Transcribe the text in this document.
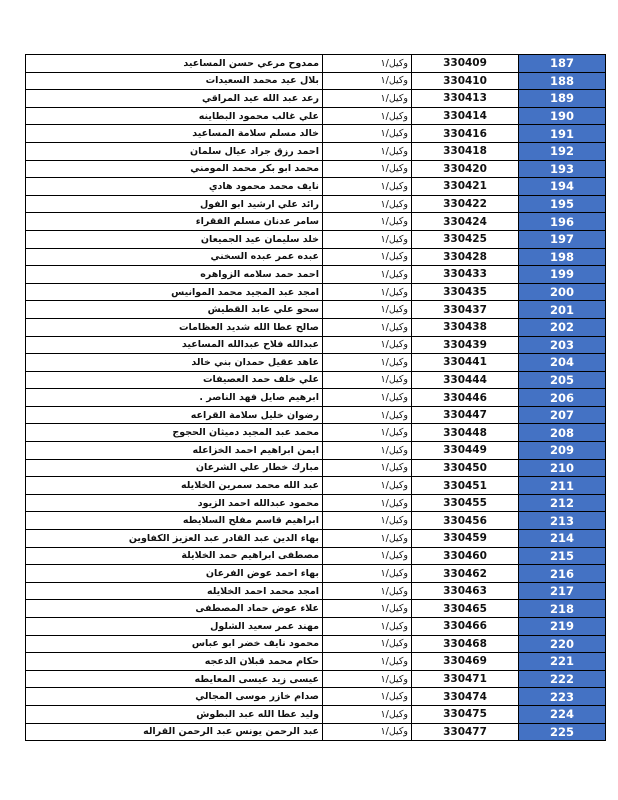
ممدوح مرعي حسن المساعيد	وكيل/١	330409	187
بلال عيد محمد السعيدات	وكيل/١	330410	188
رعد عبد الله عيد المراقي	وكيل/١	330413	189
علي غالب محمود البطاينه	وكيل/١	330414	190
خالد مسلم سلامة المساعيد	وكيل/١	330416	191
احمد رزق جراد عيال سلمان	وكيل/١	330418	192
محمد ابو بكر محمد المومني	وكيل/١	330420	193
نايف محمد محمود هادي	وكيل/١	330421	194
رائد علي ارشيد ابو الفول	وكيل/١	330422	195
سامر عدنان مسلم الفقراء	وكيل/١	330424	196
خلد سليمان عيد الجميعان	وكيل/١	330425	197
عبده عمر عبده السخني	وكيل/١	330428	198
احمد حمد سلامه الزواهره	وكيل/١	330433	199
امجد عبد المجيد محمد الموانيس	وكيل/١	330435	200
سحو علي عابد القطيش	وكيل/١	330437	201
صالح عطا الله شديد العظامات	وكيل/١	330438	202
عبدالله فلاح عبدالله المساعيد	وكيل/١	330439	203
عاهد عقيل حمدان بني خالد	وكيل/١	330441	204
علي خلف حمد العصيفات	وكيل/١	330444	205
ابرهيم صايل فهد الناصر .	وكيل/١	330446	206
رضوان خليل سلامة القراعه	وكيل/١	330447	207
محمد عبد المجيد دميثان الحجوج	وكيل/١	330448	208
ايمن ابراهيم احمد الخزاعله	وكيل/١	330449	209
مبارك خطار علي الشرعان	وكيل/١	330450	210
عبد الله محمد سمرين الخلايله	وكيل/١	330451	211
محمود عبدالله احمد الزيود	وكيل/١	330455	212
ابراهيم قاسم مفلح السلايطه	وكيل/١	330456	213
بهاء الدين عبد القادر عبد العزيز الكفاوين	وكيل/١	330459	214
مصطفى ابراهيم حمد الخلايلة	وكيل/١	330460	215
بهاء احمد عوض الفرعان	وكيل/١	330462	216
امجد محمد احمد الخلايله	وكيل/١	330463	217
علاء عوض حماد المصطفى	وكيل/١	330465	218
مهند عمر سعيد الشلول	وكيل/١	330466	219
محمود نايف خضر ابو عباس	وكيل/١	330468	220
حكام محمد قبلان الدعجه	وكيل/١	330469	221
عيسى زيد عيسى المعايطه	وكيل/١	330471	222
صدام خازر موسى المجالي	وكيل/١	330474	223
وليد عطا الله عبد البطوش	وكيل/١	330475	224
عبد الرحمن يونس عبد الرحمن القراله	وكيل/١	330477	225
